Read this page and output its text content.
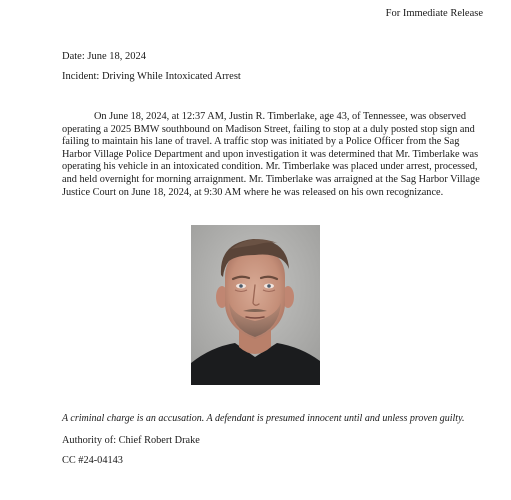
For Immediate Release
Date: June 18, 2024
Incident: Driving While Intoxicated Arrest

On June 18, 2024, at 12:37 AM, Justin R. Timberlake, age 43, of Tennessee, was observed operating a 2025 BMW southbound on Madison Street, failing to stop at a duly posted stop sign and failing to maintain his lane of travel. A traffic stop was initiated by a Police Officer from the Sag Harbor Village Police Department and upon investigation it was determined that Mr. Timberlake was operating his vehicle in an intoxicated condition. Mr. Timberlake was placed under arrest, processed, and held overnight for morning arraignment. Mr. Timberlake was arraigned at the Sag Harbor Village Justice Court on June 18, 2024, at 9:30 AM where he was released on his own recognizance.

A criminal charge is an accusation. A defendant is presumed innocent until and unless proven guilty.
Authority of: Chief Robert Drake
CC #24-04143
